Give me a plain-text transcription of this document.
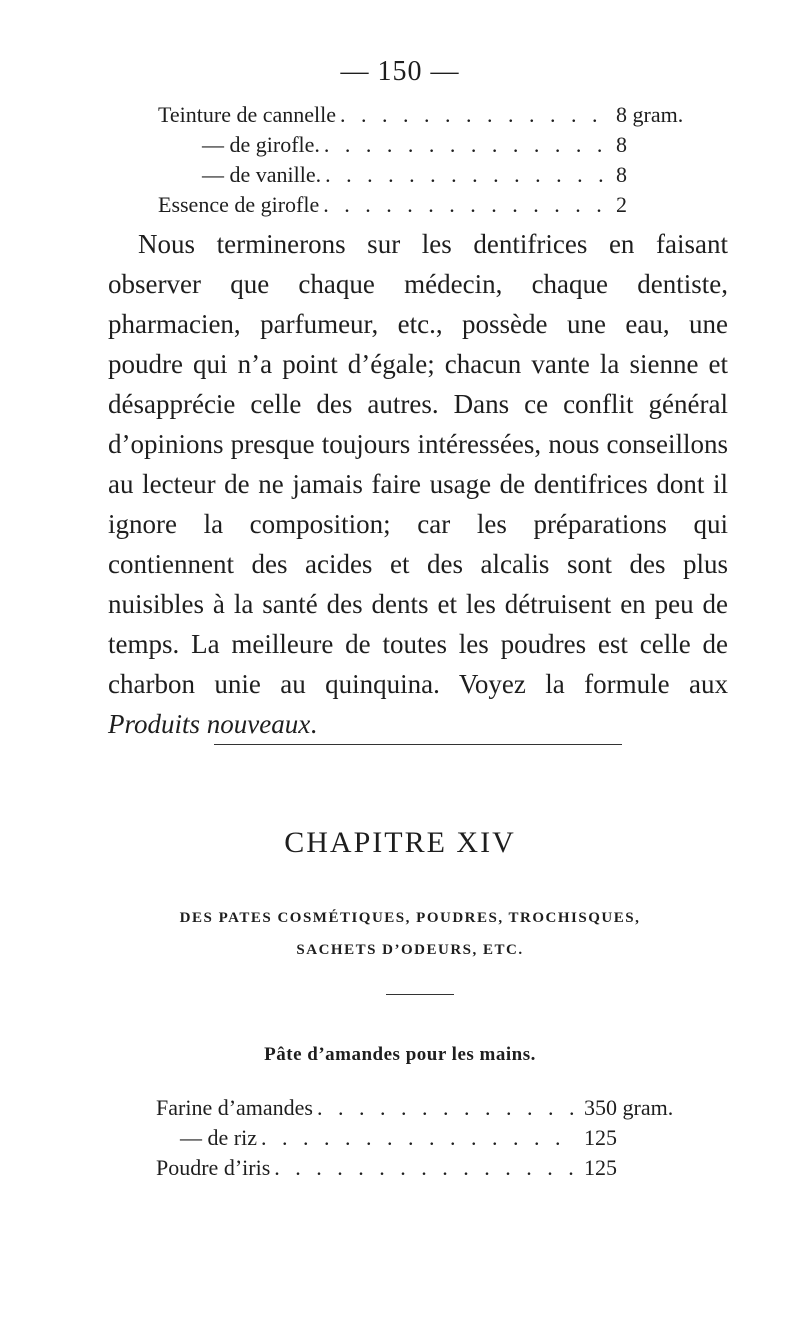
— 150 —
Teinture de cannelle . . .	8 gram.
— de girofle. . . .	8
— de vanille. . . .	8
Essence de girofle . . .	2

Nous terminerons sur les dentifrices en faisant observer que chaque médecin, chaque dentiste, pharmacien, parfumeur, etc., possède une eau, une poudre qui n’a point d’égale; chacun vante la sienne et désapprécie celle des autres. Dans ce conflit général d’opinions presque toujours intéressées, nous conseillons au lecteur de ne jamais faire usage de dentifrices dont il ignore la composition; car les préparations qui contiennent des acides et des alcalis sont des plus nuisibles à la santé des dents et les détruisent en peu de temps. La meilleure de toutes les poudres est celle de charbon unie au quinquina. Voyez la formule aux Produits nouveaux.

CHAPITRE XIV
DES PATES COSMÉTIQUES, POUDRES, TROCHISQUES,
SACHETS D’ODEURS, ETC.
Pâte d’amandes pour les mains.
Farine d’amandes . . .	350 gram.
— de riz . . .	125
Poudre d’iris . . .	125
